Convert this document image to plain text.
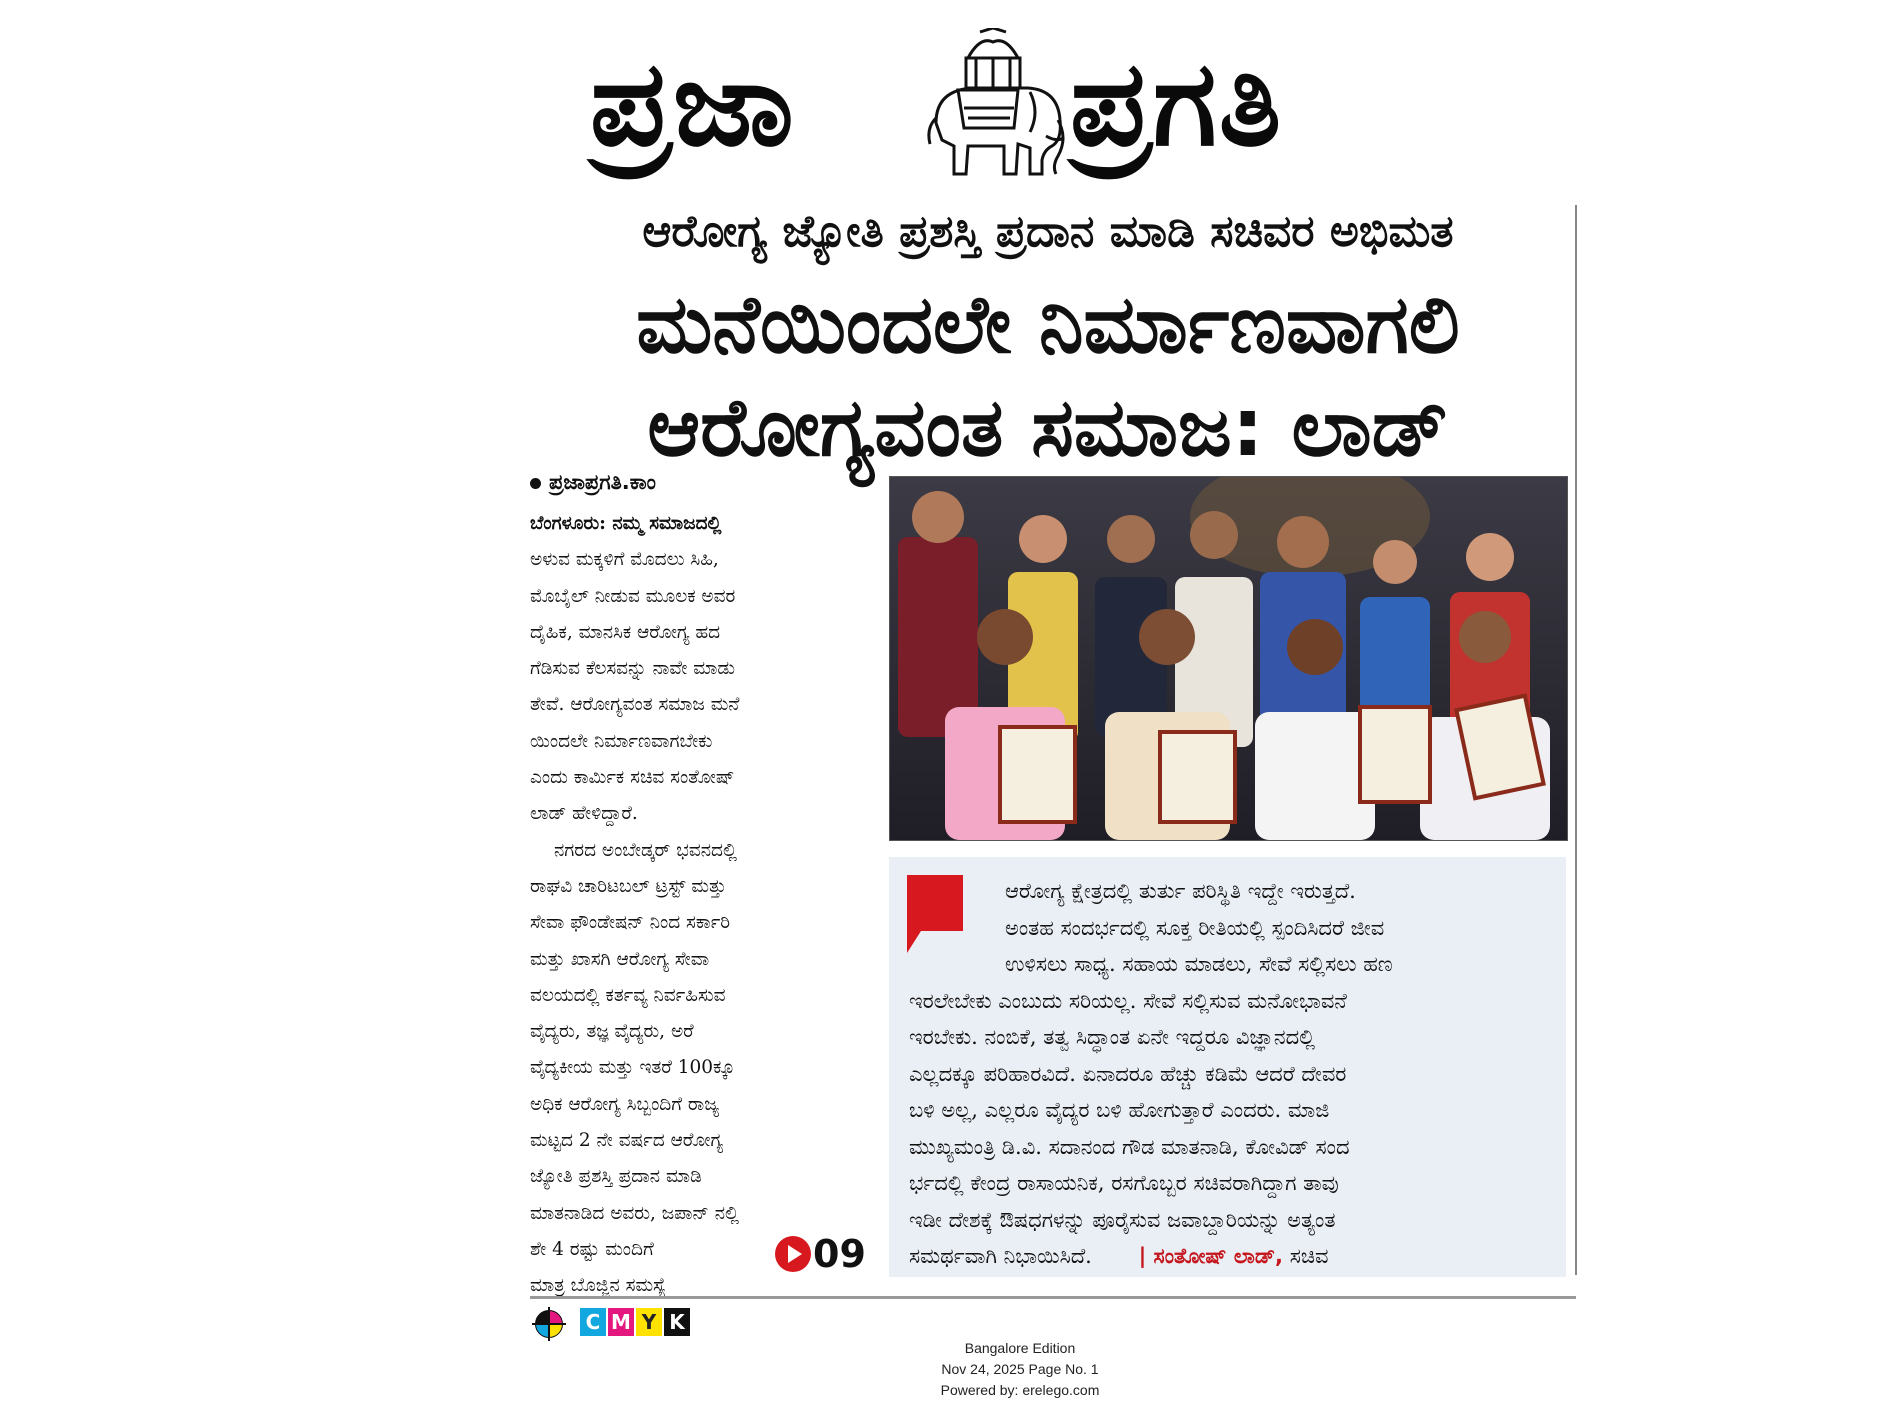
ಪ್ರಜಾ ಪ್ರಗತಿ
ಆರೋಗ್ಯ ಜ್ಯೋತಿ ಪ್ರಶಸ್ತಿ ಪ್ರದಾನ ಮಾಡಿ ಸಚಿವರ ಅಭಿಮತ
ಮನೆಯಿಂದಲೇ ನಿರ್ಮಾಣವಾಗಲಿ
ಆರೋಗ್ಯವಂತ ಸಮಾಜ: ಲಾಡ್
ಪ್ರಜಾಪ್ರಗತಿ.ಕಾಂ
ಬೆಂಗಳೂರು: ನಮ್ಮ ಸಮಾಜದಲ್ಲಿ
ಅಳುವ ಮಕ್ಕಳಿಗೆ ಮೊದಲು ಸಿಹಿ,
ಮೊಬೈಲ್ ನೀಡುವ ಮೂಲಕ ಅವರ
ದೈಹಿಕ, ಮಾನಸಿಕ ಆರೋಗ್ಯ ಹದ
ಗೆಡಿಸುವ ಕೆಲಸವನ್ನು ನಾವೇ ಮಾಡು
ತೇವೆ. ಆರೋಗ್ಯವಂತ ಸಮಾಜ ಮನೆ
ಯಿಂದಲೇ ನಿರ್ಮಾಣವಾಗಬೇಕು
ಎಂದು ಕಾರ್ಮಿಕ ಸಚಿವ ಸಂತೋಷ್
ಲಾಡ್ ಹೇಳಿದ್ದಾರೆ.
ನಗರದ ಅಂಬೇಡ್ಕರ್ ಭವನದಲ್ಲಿ
ರಾಘವಿ ಚಾರಿಟಬಲ್ ಟ್ರಸ್ಟ್ ಮತ್ತು
ಸೇವಾ ಫೌಂಡೇಷನ್ ನಿಂದ ಸರ್ಕಾರಿ
ಮತ್ತು ಖಾಸಗಿ ಆರೋಗ್ಯ ಸೇವಾ
ವಲಯದಲ್ಲಿ ಕರ್ತವ್ಯ ನಿರ್ವಹಿಸುವ
ವೈದ್ಯರು, ತಜ್ಞ ವೈದ್ಯರು, ಅರೆ
ವೈದ್ಯಕೀಯ ಮತ್ತು ಇತರೆ 100ಕ್ಕೂ
ಅಧಿಕ ಆರೋಗ್ಯ ಸಿಬ್ಬಂದಿಗೆ ರಾಜ್ಯ
ಮಟ್ಟದ 2 ನೇ ವರ್ಷದ ಆರೋಗ್ಯ
ಜ್ಯೋತಿ ಪ್ರಶಸ್ತಿ ಪ್ರದಾನ ಮಾಡಿ
ಮಾತನಾಡಿದ ಅವರು, ಜಪಾನ್ ನಲ್ಲಿ
ಶೇ 4 ರಷ್ಟು ಮಂದಿಗೆ
ಮಾತ್ರ ಬೊಜ್ಜಿನ ಸಮಸ್ಯೆ
09
ಆರೋಗ್ಯ ಕ್ಷೇತ್ರದಲ್ಲಿ ತುರ್ತು ಪರಿಸ್ಥಿತಿ ಇದ್ದೇ ಇರುತ್ತದೆ.
ಅಂತಹ ಸಂದರ್ಭದಲ್ಲಿ ಸೂಕ್ತ ರೀತಿಯಲ್ಲಿ ಸ್ಪಂದಿಸಿದರೆ ಜೀವ
ಉಳಿಸಲು ಸಾಧ್ಯ. ಸಹಾಯ ಮಾಡಲು, ಸೇವೆ ಸಲ್ಲಿಸಲು ಹಣ
ಇರಲೇಬೇಕು ಎಂಬುದು ಸರಿಯಲ್ಲ. ಸೇವೆ ಸಲ್ಲಿಸುವ ಮನೋಭಾವನೆ
ಇರಬೇಕು. ನಂಬಿಕೆ, ತತ್ವ ಸಿದ್ಧಾಂತ ಏನೇ ಇದ್ದರೂ ವಿಜ್ಞಾನದಲ್ಲಿ
ಎಲ್ಲದಕ್ಕೂ ಪರಿಹಾರವಿದೆ. ಏನಾದರೂ ಹೆಚ್ಚು ಕಡಿಮೆ ಆದರೆ ದೇವರ
ಬಳಿ ಅಲ್ಲ, ಎಲ್ಲರೂ ವೈದ್ಯರ ಬಳಿ ಹೋಗುತ್ತಾರೆ ಎಂದರು. ಮಾಜಿ
ಮುಖ್ಯಮಂತ್ರಿ ಡಿ.ವಿ. ಸದಾನಂದ ಗೌಡ ಮಾತನಾಡಿ, ಕೋವಿಡ್ ಸಂದ
ರ್ಭದಲ್ಲಿ ಕೇಂದ್ರ ರಾಸಾಯನಿಕ, ರಸಗೊಬ್ಬರ ಸಚಿವರಾಗಿದ್ದಾಗ ತಾವು
ಇಡೀ ದೇಶಕ್ಕೆ ಔಷಧಗಳನ್ನು ಪೂರೈಸುವ ಜವಾಬ್ದಾರಿಯನ್ನು ಅತ್ಯಂತ
ಸಮರ್ಥವಾಗಿ ನಿಭಾಯಿಸಿದೆ. | ಸಂತೋಷ್ ಲಾಡ್, ಸಚಿವ
C M Y K
Bangalore Edition
Nov 24, 2025 Page No. 1
Powered by: erelego.com
